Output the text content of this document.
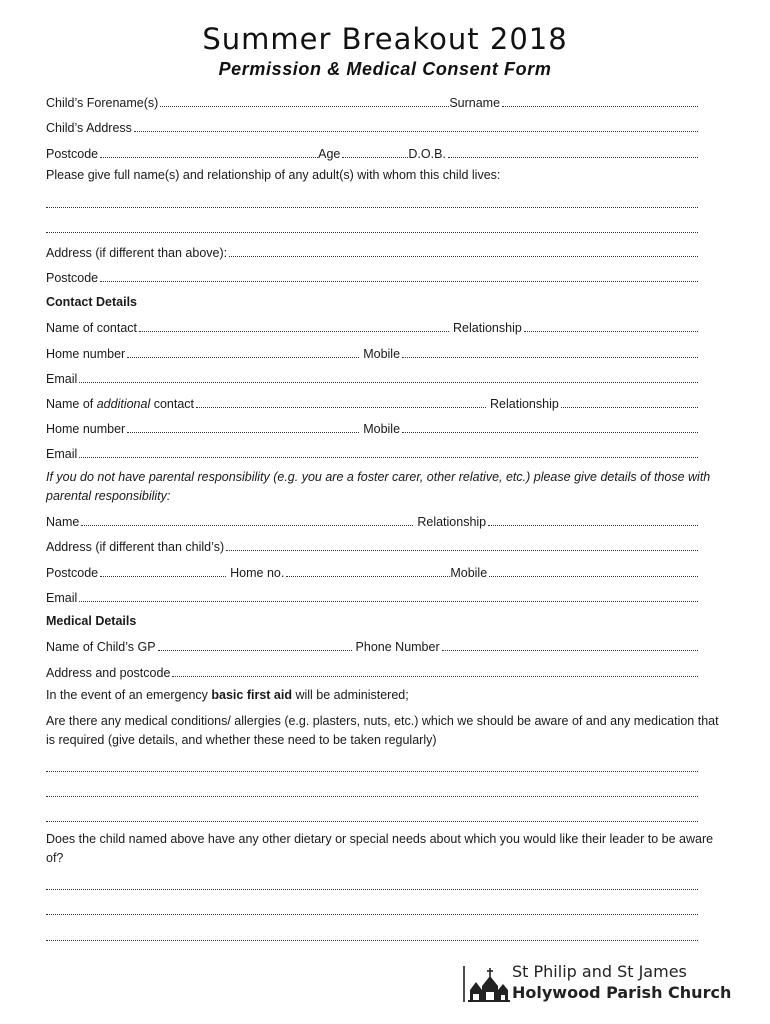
Summer Breakout 2018
Permission & Medical Consent Form
Child’s Forename(s)	Surname
Child’s Address
Postcode	Age	D.O.B.
Please give full name(s) and relationship of any adult(s) with whom this child lives:
Address (if different than above):
Postcode
Contact Details
Name of contact	Relationship
Home number	Mobile
Email
Name of additional contact	Relationship
Home number	Mobile
Email
If you do not have parental responsibility (e.g. you are a foster carer, other relative, etc.) please give details of those with parental responsibility:
Name	Relationship
Address (if different than child’s)
Postcode	Home no.	Mobile
Email
Medical Details
Name of Child’s GP	Phone Number
Address and postcode
In the event of an emergency basic first aid will be administered;
Are there any medical conditions/ allergies (e.g. plasters, nuts, etc.) which we should be aware of and any medication that is required (give details, and whether these need to be taken regularly)
Does the child named above have any other dietary or special needs about which you would like their leader to be aware of?
St Philip and St James
Holywood Parish Church
